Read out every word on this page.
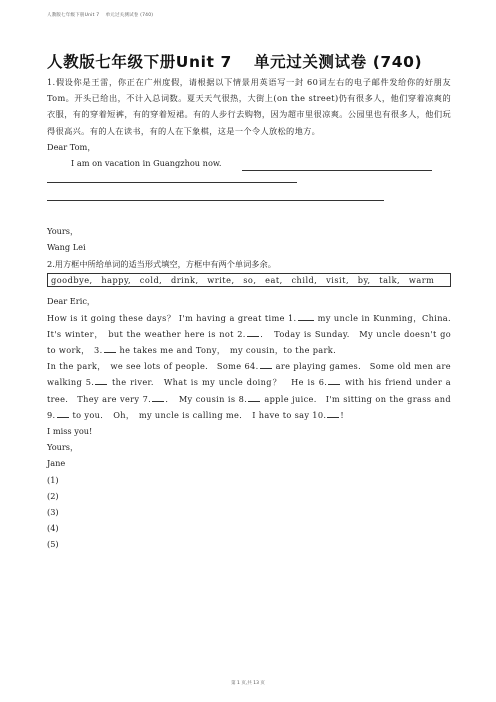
人教版七年级下册Unit 7　 单元过关测试卷 (740)
人教版七年级下册Unit 7　 单元过关测试卷 (740)
1.假设你是王雷，你正在广州度假，请根据以下情景用英语写一封 60词左右的电子邮件发给你的好朋友 Tom。开头已给出，不计入总词数。夏天天气很热，大街上(on the street)仍有很多人，他们穿着凉爽的衣服，有的穿着短裤，有的穿着短裙。有的人步行去购物，因为超市里很凉爽。公园里也有很多人，他们玩得很高兴。有的人在读书，有的人在下象棋，这是一个令人放松的地方。
Dear Tom，
I am on vacation in Guangzhou now.
Yours，
Wang Lei
2.用方框中所给单词的适当形式填空，方框中有两个单词多余。
goodbye,　happy,　cold,　drink,　write,　so,　eat,　child,　visit,　by,　talk,　warm
Dear Eric，
How is it going these days？ I'm having a great time 1. my uncle in Kunming，China.　It's winter，　but the weather here is not 2. ．　Today is Sunday.　My uncle doesn't go to work，　3. he takes me and Tony，　my cousin，to the park.
In the park，　we see lots of people.　Some 64. are playing games.　Some old men are walking 5. the river.　What is my uncle doing？　He is 6. with his friend under a tree.　They are very 7. ．　My cousin is 8. apple juice.　I'm sitting on the grass and 9. to you．　Oh，　my uncle is calling me．　I have to say 10. !
I miss you!
Yours，
Jane
(1)
(2)
(3)
(4)
(5)
第 1 页,共 13 页
